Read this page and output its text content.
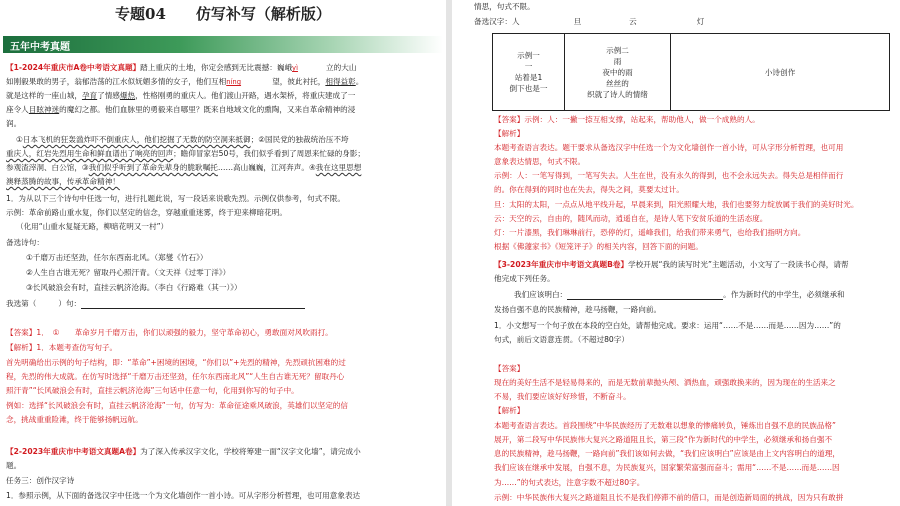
专题04　　仿写补写（解析版）
五年中考真题
【1-2024年重庆市A卷中考语文真题】踏上重庆的土地，你定会感到无比震撼：巍峨yì	立的大山
如刚毅果敢的男子，翁郁浩荡的江水似妩媚多情的女子，他们互相níng	望，彼此衬托，相得益彰。
就是这样的一座山城，孕育了情感爆热，性格刚勇的重庆人。他们渡山开路，遇水架桥，将重庆建成了一
座令人目眩神迷的魔幻之都。他们血脉里的勇毅来自哪里？既来自地域文化的熏陶，又来自革命精神的浸
润。
①日本飞机的狂轰滥炸吓不倒重庆人，他们挖掘了无数的防空洞来抵御；②国民党的独裁统治压不垮
重庆人，红岩先烈用生命和鲜血谱出了响亮的回声；瞻仰冒家岩50号，我们似乎看到了周恩来忙碌的身影；
参观渣滓洞、白公馆，③我们似乎听到了革命先辈身的脆耿嘱托……高山巍巍，江河奔声。④我在这里思想
澳释蒸腾的故事，传承革命精神！
1．为从以下三个诗句中任选一句，进行扎题此说，写一段话来说歌先烈。示例仅供参考，句式不限。
示例：革命前路山重水复，你们以坚定的信念，穿越重重迷雾，终于迎来柳暗花明。
（化用“山重水复疑无路，柳暗花明又一村”）
备选诗句：
①千磨万击还坚劲，任尔东西南北风。（郑燮《竹石》）
②人生自古谁无死？留取丹心照汗青。（文天祥《过零丁洋》）
③长风破浪会有时，直挂云帆济沧海。（李白《行路难（其一）》）
我选第（	）句：
【答案】1．　①　　革命岁月千磨万击，你们以顽强的毅力，坚守革命初心，勇敢面对风吹雨打。
【解析】1．本题考查仿写句子。
首先明确给出示例的句子结构，即：“革命”+困境的困境，“你们以”+先烈的精神，先烈顽抗困难的过
程，先烈的伟大成就。在仿写时选择“千磨万击还坚劲，任尔东西南北风”“人生自古谁无死？留取丹心
照汗青”“长风破浪会有时，直挂云帆济沧海”三句话中任意一句，化用到你写的句子中。
例如：选择“长风破浪会有时，直挂云帆济沧海”一句，仿写为：革命征途乘风破浪，英雄们以坚定的信
念，挑战重重险滩，终于能够扬帆远航。
【2-2023年重庆市中考语文真题A卷】为了深入传承汉字文化，学校将筹建一面“汉字文化墙”，请完成小
题。
任务三：创作汉字诗
1．参照示例，从下面的备选汉字中任选一个为文化墙创作一首小诗。可从字形分析哲理，也可用意象表达
情思，句式不限。
备选汉字：人	旦	云	灯
示例一
一
站着是1
倒下也是一

示例二
雨
夜中的雨
丝丝的
织就了诗人的情绪
	小诗创作
【答案】示例：人：一撇一捺互相支撑，站起来，帮助他人，做一个成熟的人。
【解析】
本题考查语言表达。题干要求从备选汉字中任选一个为文化墙创作一首小诗，可从字形分析哲理，也可用
意象表达情思，句式不限。
示例：人：一笔写得到，一笔写失去。人生在世，没有永久的得到，也不会永远失去。得失总是相伴而行
的。你在得到的同时也在失去，得失之间，莫要太过计。
旦：太阳的太阳，一点点从地平线升起，早晨来到，阳光照耀大地，我们也要努力绽放属于我们的美好时光。
云：天空的云，自由的，随风而动，逍遥自在，是诗人笔下安贫乐道的生活态度。
灯：一片漆黑，我们琳琳前行，恐停的灯，遥峰我们，给我们带来勇气，也给我们指明方向。
根据《佛蘧家书》《短笼评子》的相关内容，回答下面的问题。
【3-2023年重庆市中考语文真题B卷】学校开展“我的读写时光”主题活动，小文写了一段读书心得，请帮
他完成下列任务。
我们应该明白：	。作为新时代的中学生，必须继承和
发扬自强不息的民族精神，趁马扬鞭，一路向前。
1．小文想写一个句子放在本段的空白处，请帮他完成。要求：运用“……不是……而是……因为……”的
句式，前后文语意连贯。（不超过80字）
【答案】
现在的美好生活不是轻易得来的，而是无数前辈抛头颅、洒热血，顽强敢换来的，因为现在的生活来之
不易，我们要应该好好珍惜，不断奋斗。
【解析】
本题考查语言表达。首段围绕“中华民族经历了无数难以想象的惨痛转负，锤炼出自强不息的民族品格”
展开，第二段写中华民族伟大复兴之路道阻且长，第三段“作为新时代的中学生，必须继承和扬自强不
息的民族精神，趁马扬鞭，一路向前”我们该如何去做，“我们应该明白”应该是由上文内容明白的道理，
我们应该在继承中发展，自强不息，为民族复兴，国家繁荣富强而奋斗；需用“……不是……而是……因
为……”的句式表达，注意字数不超过80字。
示例：中华民族伟大复兴之路道阻且长不是我们停滞不前的借口，而是创造新局面的挑战，因为只有敢拼
